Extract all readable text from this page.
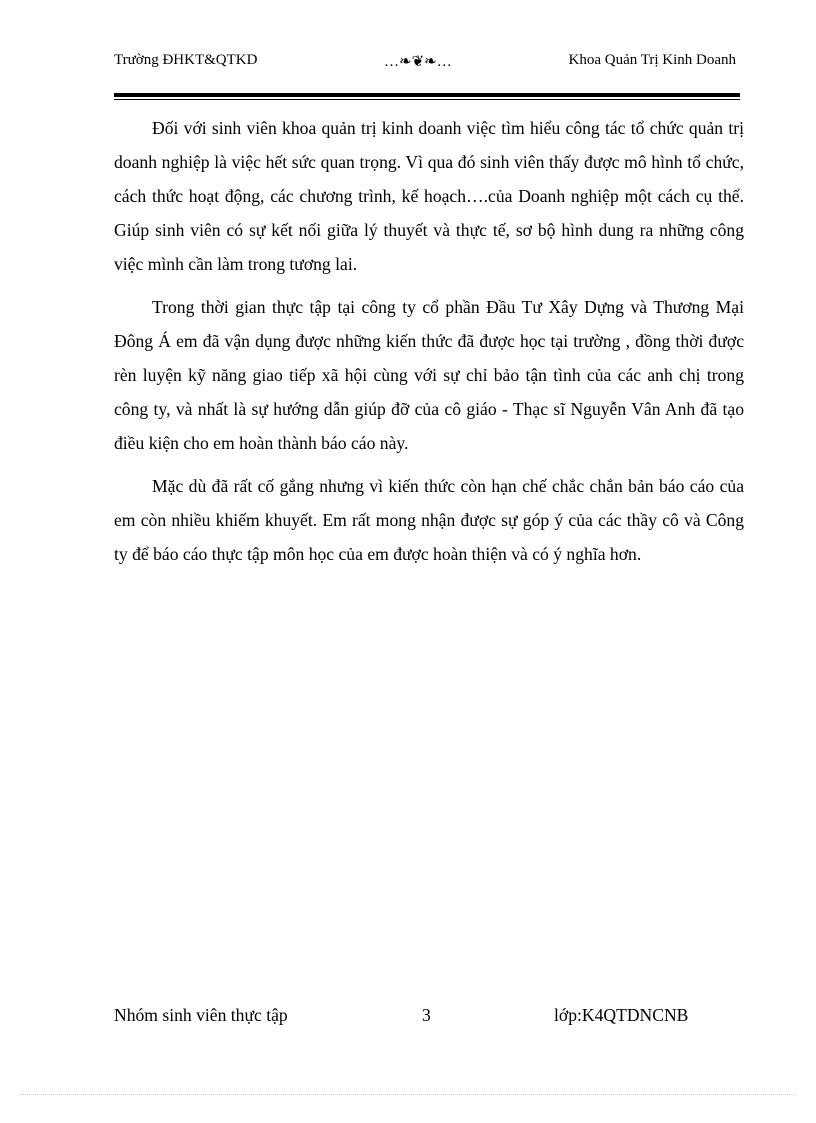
Trường ĐHKT&QTKD	…❧❦❧…	Khoa Quản Trị Kinh Doanh

Đối với sinh viên khoa quản trị kinh doanh việc tìm hiểu công tác tổ chức quản trị doanh nghiệp là việc hết sức quan trọng. Vì qua đó sinh viên thấy được mô hình tổ chức, cách thức hoạt động, các chương trình, kế hoạch….của Doanh nghiệp một cách cụ thể. Giúp sinh viên có sự kết nối giữa lý thuyết và thực tế, sơ bộ hình dung ra những công việc mình cần làm trong tương lai.

Trong thời gian thực tập tại công ty cổ phần Đầu Tư Xây Dựng và Thương Mại Đông Á em đã vận dụng được những kiến thức đã được học tại trường , đồng thời được rèn luyện kỹ năng giao tiếp xã hội cùng với sự chỉ bảo tận tình của các anh chị trong công ty, và nhất là sự hướng dẫn giúp đỡ của cô giáo - Thạc sĩ Nguyễn Vân Anh đã tạo điều kiện cho em hoàn thành báo cáo này.

Mặc dù đã rất cố gắng nhưng vì kiến thức còn hạn chế chắc chắn bản báo cáo của em còn nhiều khiếm khuyết. Em rất mong nhận được sự góp ý của các thầy cô và Công ty để báo cáo thực tập môn học của em được hoàn thiện và có ý nghĩa hơn.

Nhóm sinh viên thực tập	3	lớp:K4QTDNCNB
